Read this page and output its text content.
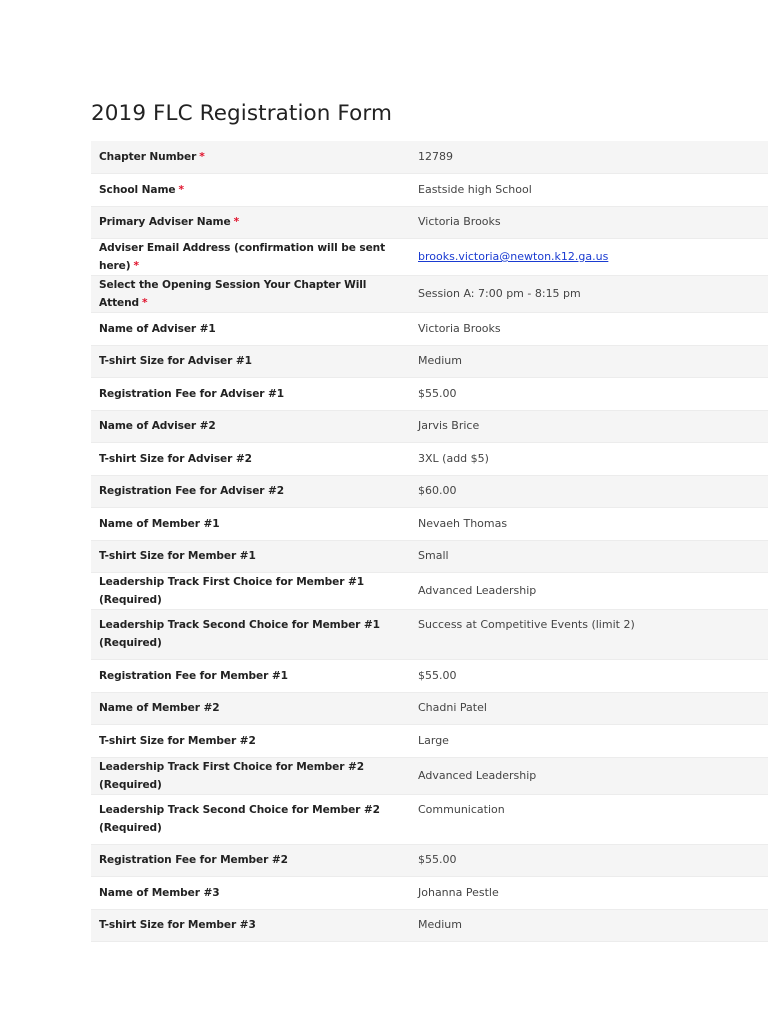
2019 FLC Registration Form
Chapter Number *	12789
School Name *	Eastside high School
Primary Adviser Name *	Victoria Brooks
Adviser Email Address (confirmation will be sent here) *	brooks.victoria@newton.k12.ga.us
Select the Opening Session Your Chapter Will Attend *	Session A: 7:00 pm - 8:15 pm
Name of Adviser #1	Victoria Brooks
T-shirt Size for Adviser #1	Medium
Registration Fee for Adviser #1	$55.00
Name of Adviser #2	Jarvis Brice
T-shirt Size for Adviser #2	3XL (add $5)
Registration Fee for Adviser #2	$60.00
Name of Member #1	Nevaeh Thomas
T-shirt Size for Member #1	Small
Leadership Track First Choice for Member #1 (Required)	Advanced Leadership
Leadership Track Second Choice for Member #1 (Required)	Success at Competitive Events (limit 2)
Registration Fee for Member #1	$55.00
Name of Member #2	Chadni Patel
T-shirt Size for Member #2	Large
Leadership Track First Choice for Member #2 (Required)	Advanced Leadership
Leadership Track Second Choice for Member #2 (Required)	Communication
Registration Fee for Member #2	$55.00
Name of Member #3	Johanna Pestle
T-shirt Size for Member #3	Medium
